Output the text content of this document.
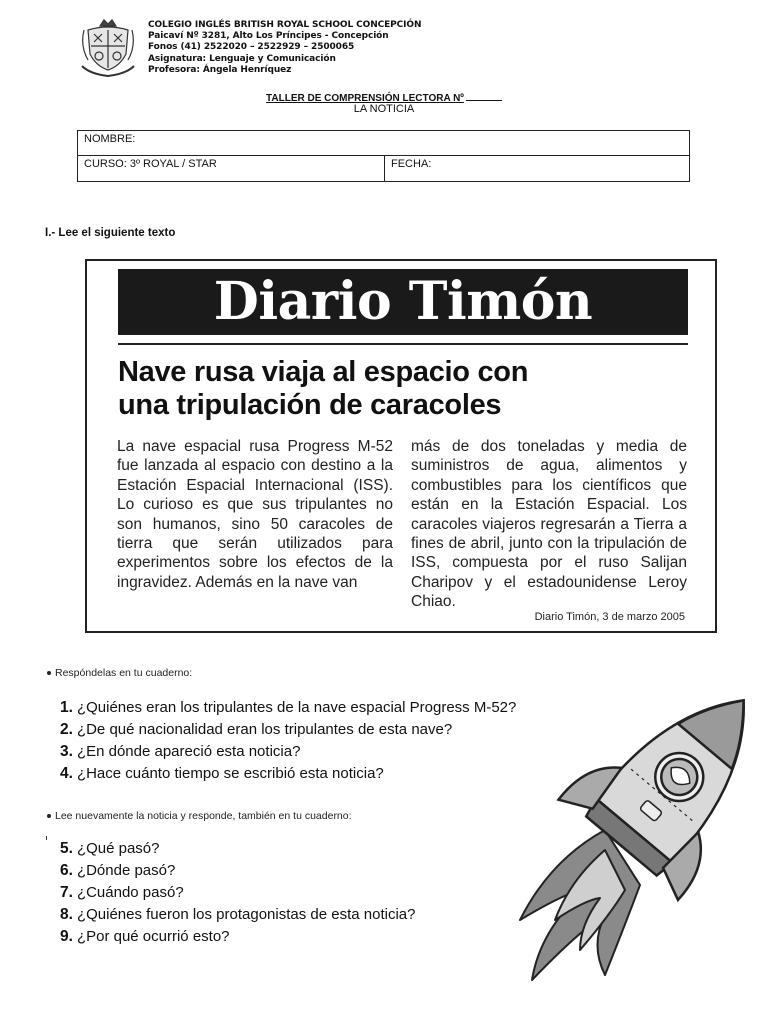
COLEGIO INGLÉS BRITISH ROYAL SCHOOL CONCEPCIÓN
Paicaví Nº 3281, Alto Los Príncipes - Concepción
Fonos (41) 2522020 – 2522929 – 2500065
Asignatura: Lenguaje y Comunicación
Profesora: Ángela Henríquez
TALLER DE COMPRENSIÓN LECTORA Nº
LA NOTICIA
NOMBRE:
CURSO: 3º ROYAL / STAR	FECHA:
I.- Lee el siguiente texto
Diario Timón
Nave rusa viaja al espacio con
una tripulación de caracoles
La nave espacial rusa Progress M-52 fue lanzada al espacio con destino a la Estación Espacial Internacional (ISS). Lo curioso es que sus tripulantes no son humanos, sino 50 caracoles de tierra que serán utilizados para experimentos sobre los efectos de la ingravidez. Además en la nave van
más de dos toneladas y media de suministros de agua, alimentos y combustibles para los científicos que están en la Estación Espacial. Los caracoles viajeros regresarán a Tierra a fines de abril, junto con la tripulación de ISS, compuesta por el ruso Salijan Charipov y el estadounidense Leroy Chiao.
Diario Timón, 3 de marzo 2005
Respóndelas en tu cuaderno:
1. ¿Quiénes eran los tripulantes de la nave espacial Progress M-52?
2. ¿De qué nacionalidad eran los tripulantes de esta nave?
3. ¿En dónde apareció esta noticia?
4. ¿Hace cuánto tiempo se escribió esta noticia?
Lee nuevamente la noticia y responde, también en tu cuaderno:
5. ¿Qué pasó?
6. ¿Dónde pasó?
7. ¿Cuándo pasó?
8. ¿Quiénes fueron los protagonistas de esta noticia?
9. ¿Por qué ocurrió esto?
